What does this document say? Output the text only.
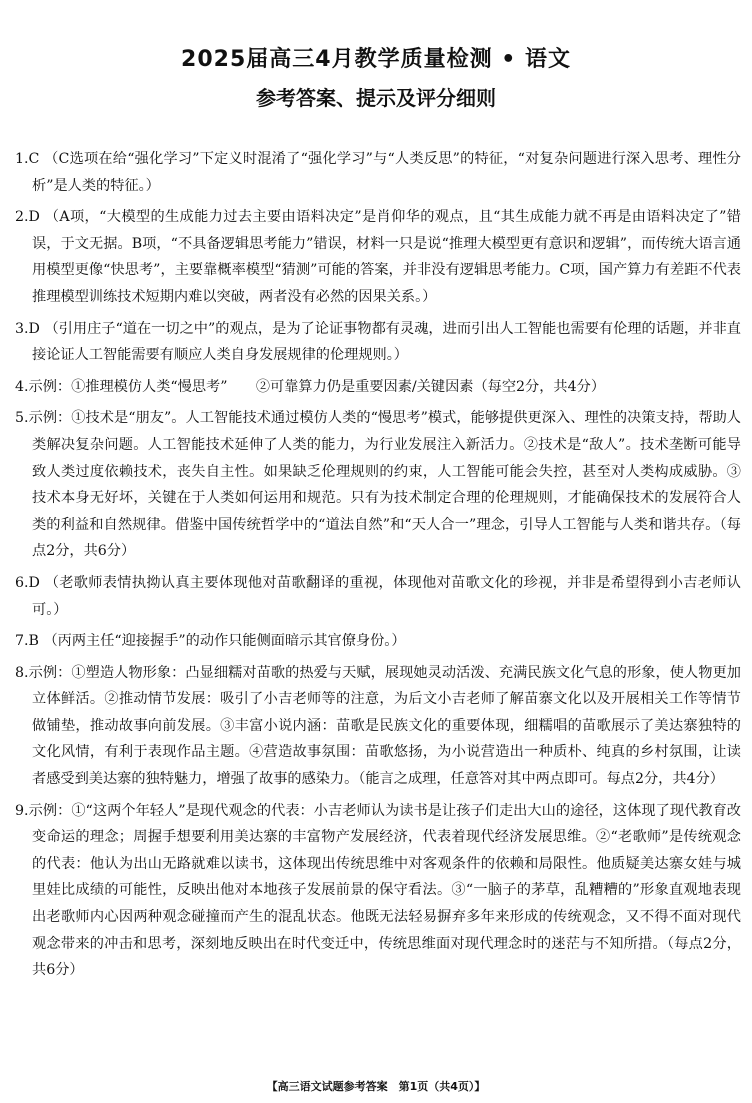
2025届高三4月教学质量检测 • 语文
参考答案、提示及评分细则

1.C （C选项在给“强化学习”下定义时混淆了“强化学习”与“人类反思”的特征，“对复杂问题进行深入思考、理性分析”是人类的特征。）

2.D （A项，“大模型的生成能力过去主要由语料决定”是肖仰华的观点，且“其生成能力就不再是由语料决定了”错误，于文无据。B项，“不具备逻辑思考能力”错误，材料一只是说“推理大模型更有意识和逻辑”，而传统大语言通用模型更像“快思考”，主要靠概率模型“猜测”可能的答案，并非没有逻辑思考能力。C项，国产算力有差距不代表推理模型训练技术短期内难以突破，两者没有必然的因果关系。）

3.D （引用庄子“道在一切之中”的观点，是为了论证事物都有灵魂，进而引出人工智能也需要有伦理的话题，并非直接论证人工智能需要有顺应人类自身发展规律的伦理规则。）

4.示例：①推理模仿人类“慢思考”　　②可靠算力仍是重要因素/关键因素（每空2分，共4分）

5.示例：①技术是“朋友”。人工智能技术通过模仿人类的“慢思考”模式，能够提供更深入、理性的决策支持，帮助人类解决复杂问题。人工智能技术延伸了人类的能力，为行业发展注入新活力。②技术是“敌人”。技术垄断可能导致人类过度依赖技术，丧失自主性。如果缺乏伦理规则的约束，人工智能可能会失控，甚至对人类构成威胁。③技术本身无好坏，关键在于人类如何运用和规范。只有为技术制定合理的伦理规则，才能确保技术的发展符合人类的利益和自然规律。借鉴中国传统哲学中的“道法自然”和“天人合一”理念，引导人工智能与人类和谐共存。（每点2分，共6分）

6.D （老歌师表情执拗认真主要体现他对苗歌翻译的重视，体现他对苗歌文化的珍视，并非是希望得到小吉老师认可。）

7.B （丙两主任“迎接握手”的动作只能侧面暗示其官僚身份。）

8.示例：①塑造人物形象：凸显细糯对苗歌的热爱与天赋，展现她灵动活泼、充满民族文化气息的形象，使人物更加立体鲜活。②推动情节发展：吸引了小吉老师等的注意，为后文小吉老师了解苗寨文化以及开展相关工作等情节做铺垫，推动故事向前发展。③丰富小说内涵：苗歌是民族文化的重要体现，细糯唱的苗歌展示了美达寨独特的文化风情，有利于表现作品主题。④营造故事氛围：苗歌悠扬，为小说营造出一种质朴、纯真的乡村氛围，让读者感受到美达寨的独特魅力，增强了故事的感染力。（能言之成理，任意答对其中两点即可。每点2分，共4分）

9.示例：①“这两个年轻人”是现代观念的代表：小吉老师认为读书是让孩子们走出大山的途径，这体现了现代教育改变命运的理念；周握手想要利用美达寨的丰富物产发展经济，代表着现代经济发展思维。②“老歌师”是传统观念的代表：他认为出山无路就难以读书，这体现出传统思维中对客观条件的依赖和局限性。他质疑美达寨女娃与城里娃比成绩的可能性，反映出他对本地孩子发展前景的保守看法。③“一脑子的茅草，乱糟糟的”形象直观地表现出老歌师内心因两种观念碰撞而产生的混乱状态。他既无法轻易摒弃多年来形成的传统观念，又不得不面对现代观念带来的冲击和思考，深刻地反映出在时代变迁中，传统思维面对现代理念时的迷茫与不知所措。（每点2分，共6分）

【高三语文试题参考答案　第1页（共4页）】
